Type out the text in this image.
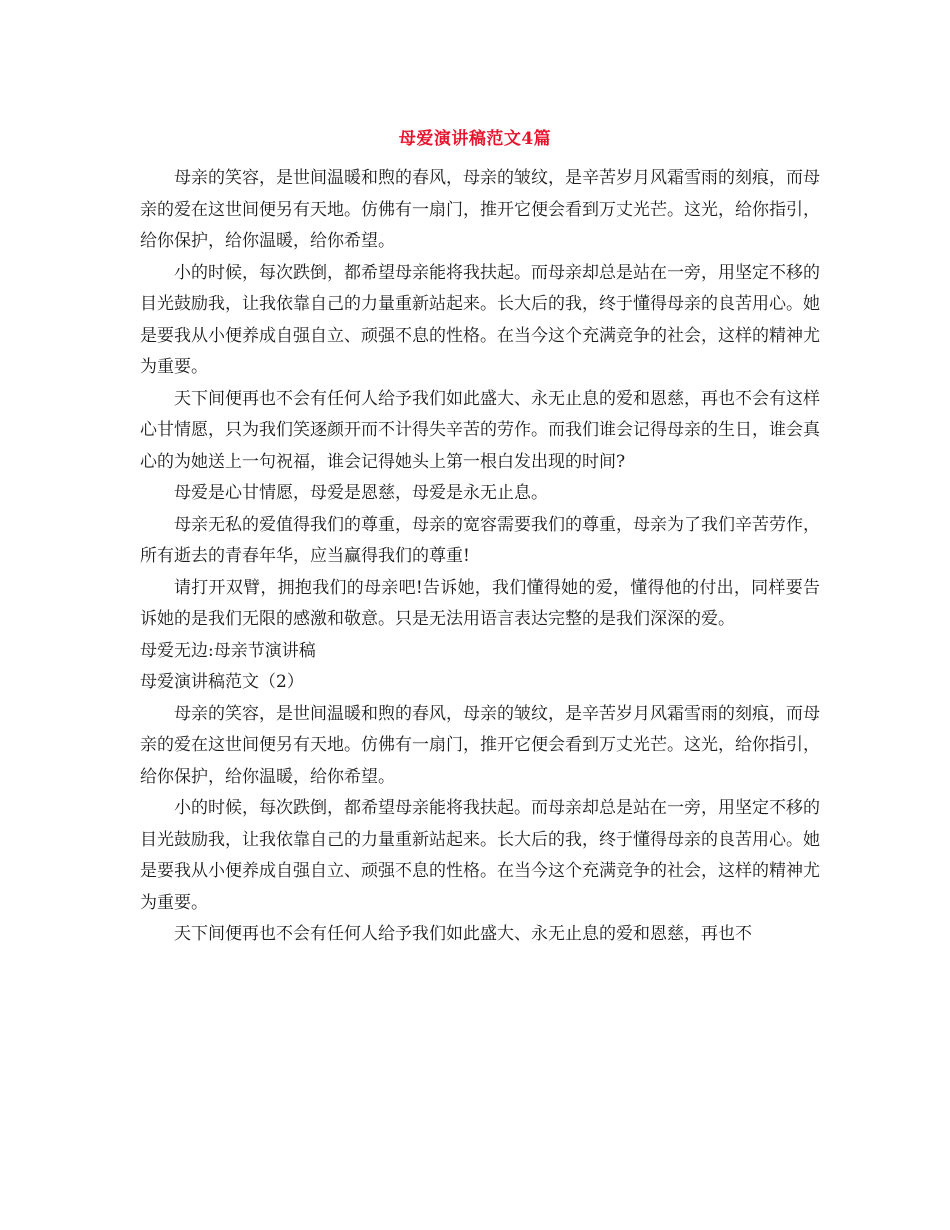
母爱演讲稿范文4篇

母亲的笑容，是世间温暖和煦的春风，母亲的皱纹，是辛苦岁月风霜雪雨的刻痕，而母亲的爱在这世间便另有天地。仿佛有一扇门，推开它便会看到万丈光芒。这光，给你指引，给你保护，给你温暖，给你希望。

小的时候，每次跌倒，都希望母亲能将我扶起。而母亲却总是站在一旁，用坚定不移的目光鼓励我，让我依靠自己的力量重新站起来。长大后的我，终于懂得母亲的良苦用心。她是要我从小便养成自强自立、顽强不息的性格。在当今这个充满竞争的社会，这样的精神尤为重要。

天下间便再也不会有任何人给予我们如此盛大、永无止息的爱和恩慈，再也不会有这样心甘情愿，只为我们笑逐颜开而不计得失辛苦的劳作。而我们谁会记得母亲的生日，谁会真心的为她送上一句祝福，谁会记得她头上第一根白发出现的时间?

母爱是心甘情愿，母爱是恩慈，母爱是永无止息。

母亲无私的爱值得我们的尊重，母亲的宽容需要我们的尊重，母亲为了我们辛苦劳作，所有逝去的青春年华，应当赢得我们的尊重!

请打开双臂，拥抱我们的母亲吧!告诉她，我们懂得她的爱，懂得他的付出，同样要告诉她的是我们无限的感激和敬意。只是无法用语言表达完整的是我们深深的爱。

母爱无边:母亲节演讲稿

母爱演讲稿范文（2）

母亲的笑容，是世间温暖和煦的春风，母亲的皱纹，是辛苦岁月风霜雪雨的刻痕，而母亲的爱在这世间便另有天地。仿佛有一扇门，推开它便会看到万丈光芒。这光，给你指引，给你保护，给你温暖，给你希望。

小的时候，每次跌倒，都希望母亲能将我扶起。而母亲却总是站在一旁，用坚定不移的目光鼓励我，让我依靠自己的力量重新站起来。长大后的我，终于懂得母亲的良苦用心。她是要我从小便养成自强自立、顽强不息的性格。在当今这个充满竞争的社会，这样的精神尤为重要。

天下间便再也不会有任何人给予我们如此盛大、永无止息的爱和恩慈，再也不
